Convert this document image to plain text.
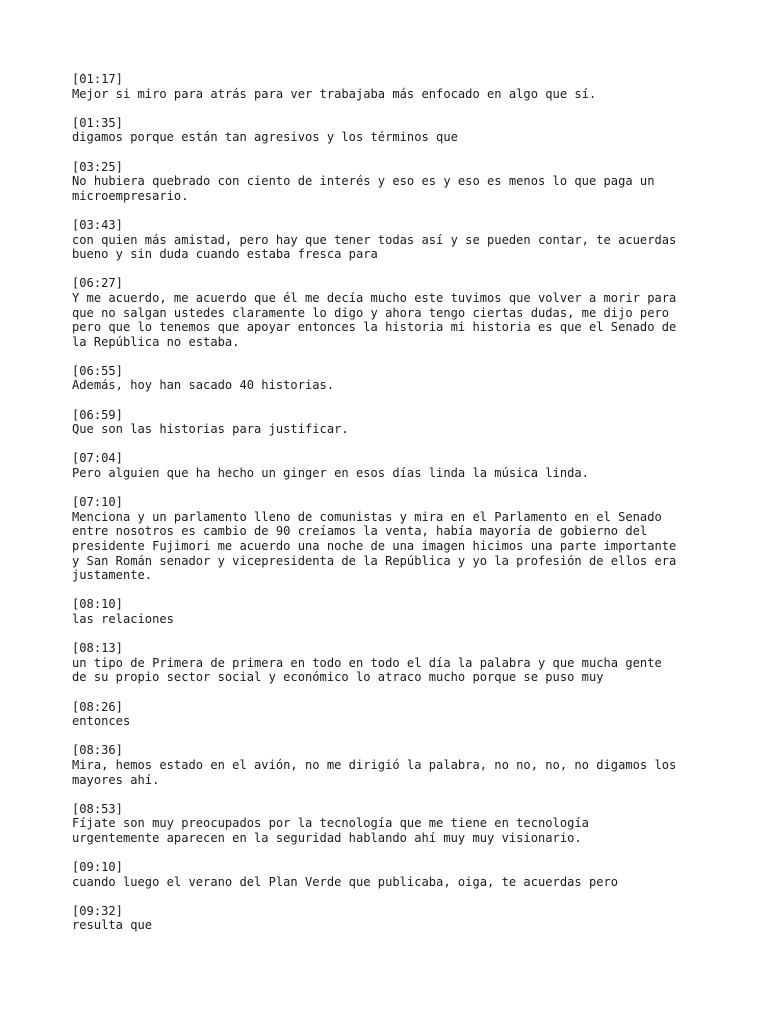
[01:17]
Mejor si miro para atrás para ver trabajaba más enfocado en algo que sí.
[01:35]
digamos porque están tan agresivos y los términos que
[03:25]
No hubiera quebrado con ciento de interés y eso es y eso es menos lo que paga un
microempresario.
[03:43]
con quien más amistad, pero hay que tener todas así y se pueden contar, te acuerdas
bueno y sin duda cuando estaba fresca para
[06:27]
Y me acuerdo, me acuerdo que él me decía mucho este tuvimos que volver a morir para
que no salgan ustedes claramente lo digo y ahora tengo ciertas dudas, me dijo pero
pero que lo tenemos que apoyar entonces la historia mi historia es que el Senado de
la República no estaba.
[06:55]
Además, hoy han sacado 40 historias.
[06:59]
Que son las historias para justificar.
[07:04]
Pero alguien que ha hecho un ginger en esos días linda la música linda.
[07:10]
Menciona y un parlamento lleno de comunistas y mira en el Parlamento en el Senado
entre nosotros es cambio de 90 creíamos la venta, había mayoría de gobierno del
presidente Fujimori me acuerdo una noche de una imagen hicimos una parte importante
y San Román senador y vicepresidenta de la República y yo la profesión de ellos era
justamente.
[08:10]
las relaciones
[08:13]
un tipo de Primera de primera en todo en todo el día la palabra y que mucha gente
de su propio sector social y económico lo atraco mucho porque se puso muy
[08:26]
entonces
[08:36]
Mira, hemos estado en el avión, no me dirigió la palabra, no no, no, no digamos los
mayores ahí.
[08:53]
Fíjate son muy preocupados por la tecnología que me tiene en tecnología
urgentemente aparecen en la seguridad hablando ahí muy muy visionario.
[09:10]
cuando luego el verano del Plan Verde que publicaba, oiga, te acuerdas pero
[09:32]
resulta que
